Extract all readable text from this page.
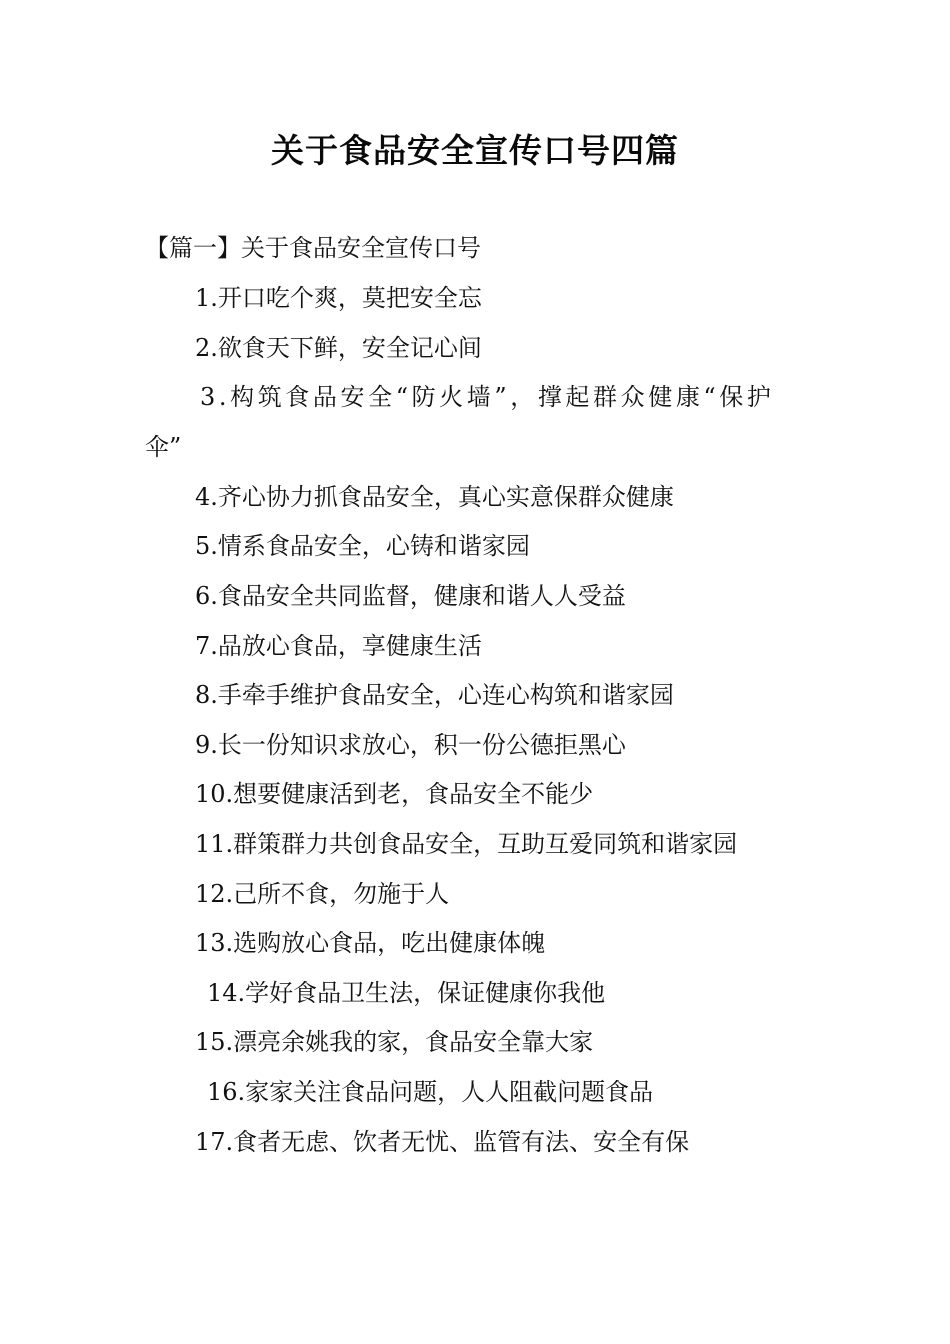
关于食品安全宣传口号四篇
【篇一】关于食品安全宣传口号
1.开口吃个爽，莫把安全忘
2.欲食天下鲜，安全记心间
3.构筑食品安全“防火墙”，撑起群众健康“保护
伞”
4.齐心协力抓食品安全，真心实意保群众健康
5.情系食品安全，心铸和谐家园
6.食品安全共同监督，健康和谐人人受益
7.品放心食品，享健康生活
8.手牵手维护食品安全，心连心构筑和谐家园
9.长一份知识求放心，积一份公德拒黑心
10.想要健康活到老，食品安全不能少
11.群策群力共创食品安全，互助互爱同筑和谐家园
12.己所不食，勿施于人
13.选购放心食品，吃出健康体魄
14.学好食品卫生法，保证健康你我他
15.漂亮余姚我的家，食品安全靠大家
16.家家关注食品问题，人人阻截问题食品
17.食者无虑、饮者无忧、监管有法、安全有保
